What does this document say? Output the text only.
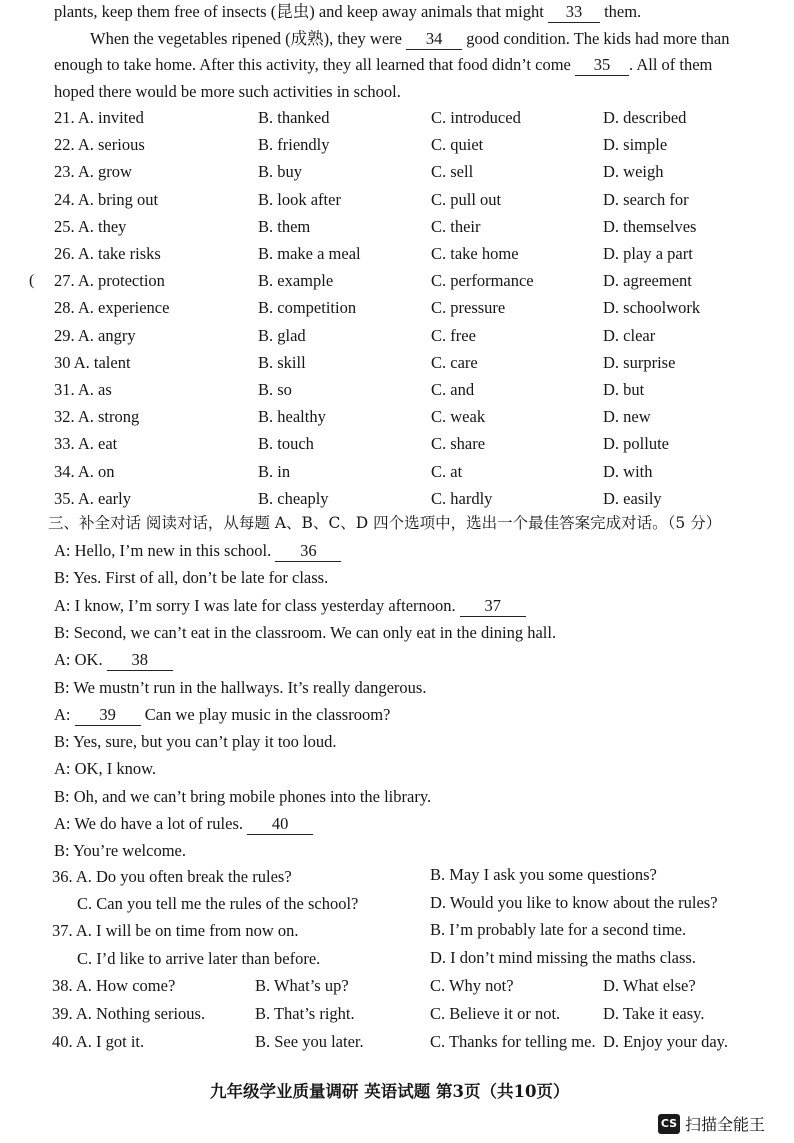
plants, keep them free of insects (昆虫) and keep away animals that might 33 them.
When the vegetables ripened (成熟), they were 34 good condition. The kids had more than
enough to take home. After this activity, they all learned that food didn’t come 35 . All of them
hoped there would be more such activities in school.
21. A. invited	B. thanked	C. introduced	D. described
22. A. serious	B. friendly	C. quiet	D. simple
23. A. grow	B. buy	C. sell	D. weigh
24. A. bring out	B. look after	C. pull out	D. search for
25. A. they	B. them	C. their	D. themselves
26. A. take risks	B. make a meal	C. take home	D. play a part
27. A. protection	B. example	C. performance	D. agreement
28. A. experience	B. competition	C. pressure	D. schoolwork
29. A. angry	B. glad	C. free	D. clear
30 A. talent	B. skill	C. care	D. surprise
31. A. as	B. so	C. and	D. but
32. A. strong	B. healthy	C. weak	D. new
33. A. eat	B. touch	C. share	D. pollute
34. A. on	B. in	C. at	D. with
35. A. early	B. cheaply	C. hardly	D. easily
(
三、补全对话 阅读对话，从每题 A、B、C、D 四个选项中，选出一个最佳答案完成对话。（5 分）
A: Hello, I’m new in this school. 36
B: Yes. First of all, don’t be late for class.
A: I know, I’m sorry I was late for class yesterday afternoon. 37
B: Second, we can’t eat in the classroom. We can only eat in the dining hall.
A: OK. 38
B: We mustn’t run in the hallways. It’s really dangerous.
A: 39 Can we play music in the classroom?
B: Yes, sure, but you can’t play it too loud.
A: OK, I know.
B: Oh, and we can’t bring mobile phones into the library.
A: We do have a lot of rules. 40
B: You’re welcome.
36. A. Do you often break the rules?	B. May I ask you some questions?
C. Can you tell me the rules of the school?	D. Would you like to know about the rules?
37. A. I will be on time from now on.	B. I’m probably late for a second time.
C. I’d like to arrive later than before.	D. I don’t mind missing the maths class.
38. A. How come?	B. What’s up?	C. Why not?	D. What else?
39. A. Nothing serious.	B. That’s right.	C. Believe it or not.	D. Take it easy.
40. A. I got it.	B. See you later.	C. Thanks for telling me. D. Enjoy your day.
九年级学业质量调研 英语试题 第3页（共10页）
CS 扫描全能王
